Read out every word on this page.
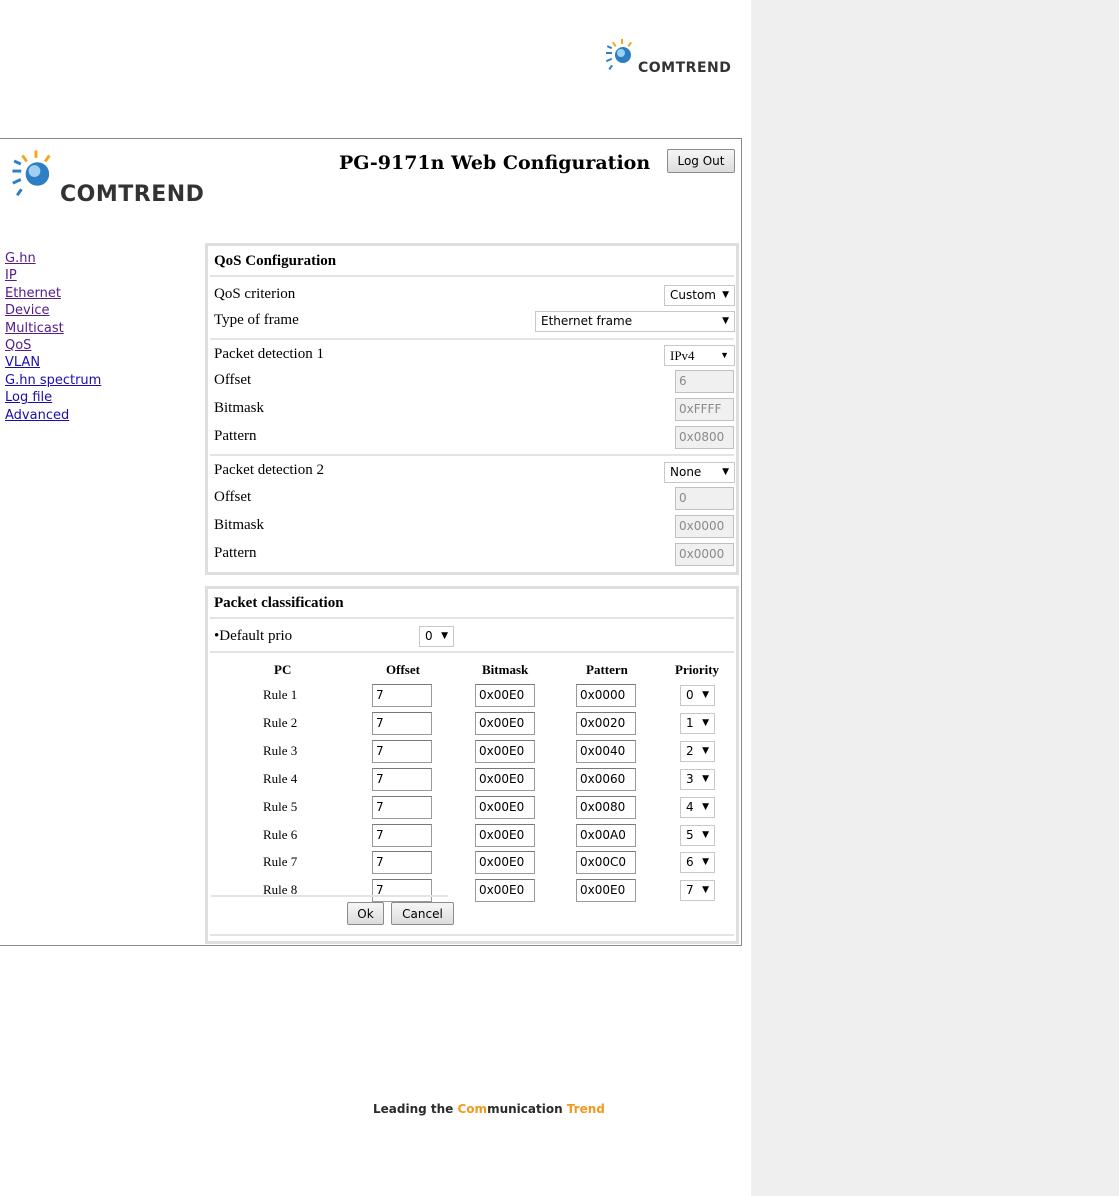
COMTREND
COMTREND
PG-9171n Web Configuration	Log Out
G.hn
IP
Ethernet
Device
Multicast
QoS
VLAN
G.hn spectrum
Log file
Advanced
QoS Configuration
QoS criterion	Custom ▼
Type of frame	Ethernet frame	▼
Packet detection 1	IPv4	▼
Offset	6
Bitmask	0xFFFF
Pattern	0x0800
Packet detection 2	None ▼
Offset	0
Bitmask	0x0000
Pattern	0x0000
Packet classification
•Default prio	0 ▼
PC	Offset	Bitmask	Pattern	Priority
Rule 1	7	0x00E0	0x0000	0 ▼
Rule 2	7	0x00E0	0x0020	1 ▼
Rule 3	7	0x00E0	0x0040	2 ▼
Rule 4	7	0x00E0	0x0060	3 ▼
Rule 5	7	0x00E0	0x0080	4 ▼
Rule 6	7	0x00E0	0x00A0	5 ▼
Rule 7	7	0x00E0	0x00C0	6 ▼
Rule 8	7	0x00E0	0x00E0	7 ▼
Ok	Cancel
Leading the Communication Trend
